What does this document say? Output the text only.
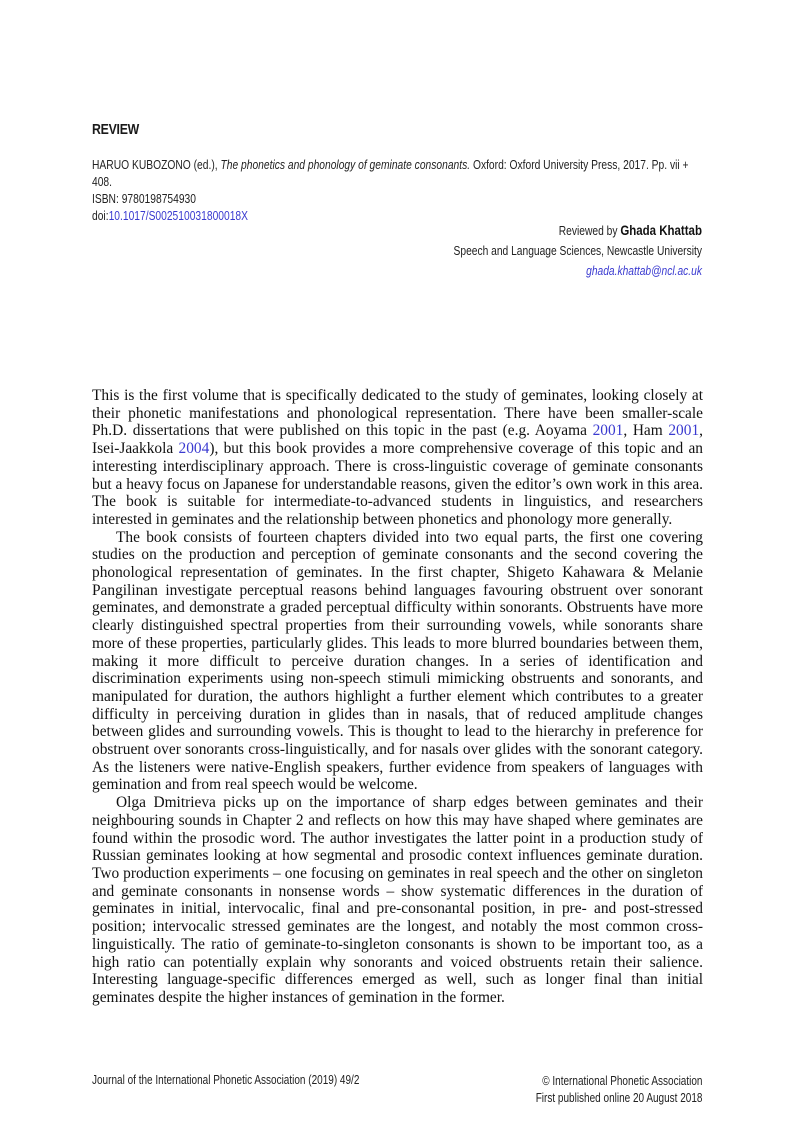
REVIEW
HARUO KUBOZONO (ed.), The phonetics and phonology of geminate consonants. Oxford: Oxford University Press, 2017. Pp. vii + 408.
ISBN: 9780198754930
doi:10.1017/S002510031800018X
Reviewed by Ghada Khattab
Speech and Language Sciences, Newcastle University
ghada.khattab@ncl.ac.uk

This is the first volume that is specifically dedicated to the study of geminates, looking closely at their phonetic manifestations and phonological representation. There have been smaller-scale Ph.D. dissertations that were published on this topic in the past (e.g. Aoyama 2001, Ham 2001, Isei-Jaakkola 2004), but this book provides a more comprehensive coverage of this topic and an interesting interdisciplinary approach. There is cross-linguistic coverage of geminate consonants but a heavy focus on Japanese for understandable reasons, given the editor’s own work in this area. The book is suitable for intermediate-to-advanced students in linguistics, and researchers interested in geminates and the relationship between phonetics and phonology more generally.

The book consists of fourteen chapters divided into two equal parts, the first one covering studies on the production and perception of geminate consonants and the second covering the phonological representation of geminates. In the first chapter, Shigeto Kahawara & Melanie Pangilinan investigate perceptual reasons behind languages favouring obstruent over sonorant geminates, and demonstrate a graded perceptual difficulty within sonorants. Obstruents have more clearly distinguished spectral properties from their surrounding vowels, while sonorants share more of these properties, particularly glides. This leads to more blurred boundaries between them, making it more difficult to perceive duration changes. In a series of identification and discrimination experiments using non-speech stimuli mimicking obstruents and sonorants, and manipulated for duration, the authors highlight a further element which contributes to a greater difficulty in perceiving duration in glides than in nasals, that of reduced amplitude changes between glides and surrounding vowels. This is thought to lead to the hierarchy in preference for obstruent over sonorants cross-linguistically, and for nasals over glides with the sonorant category. As the listeners were native-English speakers, further evidence from speakers of languages with gemination and from real speech would be welcome.

Olga Dmitrieva picks up on the importance of sharp edges between geminates and their neighbouring sounds in Chapter 2 and reflects on how this may have shaped where geminates are found within the prosodic word. The author investigates the latter point in a production study of Russian geminates looking at how segmental and prosodic context influences geminate duration. Two production experiments – one focusing on geminates in real speech and the other on singleton and geminate consonants in nonsense words – show systematic differences in the duration of geminates in initial, intervocalic, final and pre-consonantal position, in pre- and post-stressed position; intervocalic stressed geminates are the longest, and notably the most common cross-linguistically. The ratio of geminate-to-singleton consonants is shown to be important too, as a high ratio can potentially explain why sonorants and voiced obstruents retain their salience. Interesting language-specific differences emerged as well, such as longer final than initial geminates despite the higher instances of gemination in the former.

Journal of the International Phonetic Association (2019) 49/2	© International Phonetic Association
First published online 20 August 2018
